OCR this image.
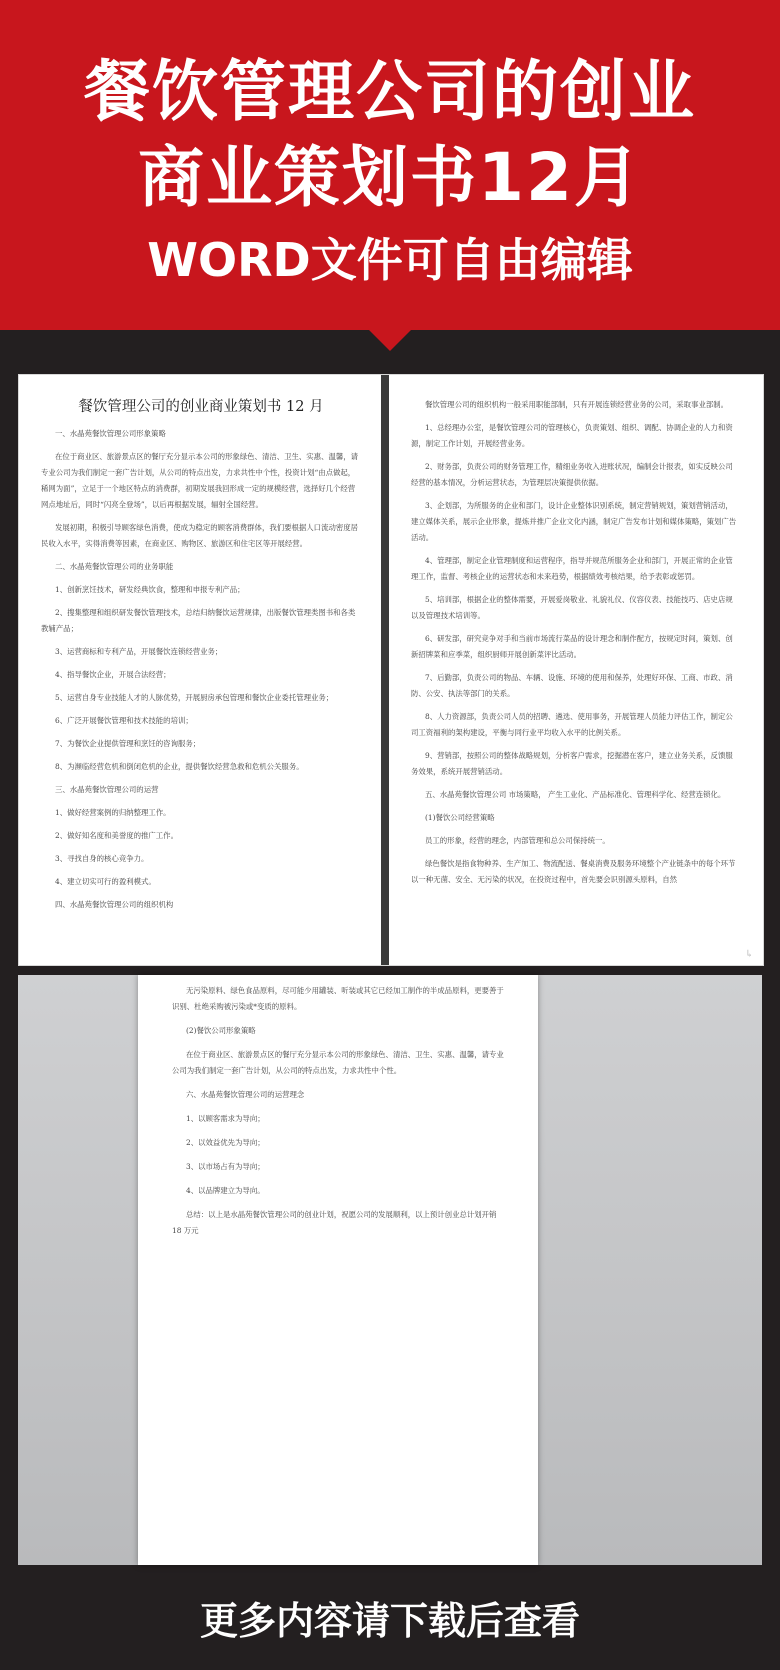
餐饮管理公司的创业
商业策划书12月
WORD文件可自由编辑
餐饮管理公司的创业商业策划书 12 月

一、水晶苑餐饮管理公司形象策略

在位于商业区、旅游景点区的餐厅充分显示本公司的形象绿色、清洁、卫生、实惠、温馨，请专业公司为我们制定一套广告计划，从公司的特点出发，力求共性中个性，投资计划“由点做起，稀网为面”，立足于一个地区特点的消费群，初期发展我回形成一定的规模经营，选择好几个经营网点地址后，同时“闪亮全登场”，以后再根据发展，辐射全国经营。

发展初期，积极引导顾客绿色消费，使成为稳定的顾客消费群体，我们要根据人口流动密度居民收入水平，实得消费等因素，在商业区、购物区、旅游区和住宅区等开展经营。

二、水晶苑餐饮管理公司的业务职能

1、创新烹饪技术，研发经典饮食，整理和申报专利产品；

2、搜集整理和组织研发餐饮管理技术，总结归纳餐饮运营规律，出版餐饮管理类图书和各类教辅产品；

3、运营商标和专利产品，开展餐饮连锁经营业务；

4、指导餐饮企业，开展合法经营；

5、运营自身专业技能人才的人脉优势，开展厨房承包管理和餐饮企业委托管理业务；

6、广泛开展餐饮管理和技术技能的培训；

7、为餐饮企业提供管理和烹饪的咨询服务；

8、为濒临经营危机和倒闭危机的企业，提供餐饮经营急救和危机公关服务。

三、水晶苑餐饮管理公司的运营

1、做好经营案例的归纳整理工作。

2、做好知名度和美誉度的推广工作。

3、寻找自身的核心竞争力。

4、建立切实可行的盈利模式。

四、水晶苑餐饮管理公司的组织机构

餐饮管理公司的组织机构一般采用职能部制，只有开展连锁经营业务的公司，采取事业部制。

1、总经理办公室，是餐饮管理公司的管理核心，负责策划、组织、调配、协调企业的人力和资源，制定工作计划，开展经营业务。

2、财务部，负责公司的财务管理工作，精细业务收入进账状况，编制会计报表，如实反映公司经营的基本情况，分析运营状态，为管理层决策提供依据。

3、企划部，为所服务的企业和部门，设计企业整体识别系统，制定营销规划，策划营销活动，建立媒体关系，展示企业形象，提炼并推广企业文化内涵，制定广告发布计划和媒体策略，策划广告活动。

4、管理部，制定企业管理制度和运营程序，指导并规范所服务企业和部门，开展正常的企业管理工作，监督、考核企业的运营状态和未来趋势，根据绩效考核结果，给予表彰或惩罚。

5、培训部，根据企业的整体需要，开展爱岗敬业、礼貌礼仪、仪容仪表、技能技巧、店史店规以及管理技术培训等。

6、研发部，研究竞争对手和当前市场流行菜品的设计理念和制作配方，按规定时间，策划、创新招牌菜和应季菜，组织厨师开展创新菜评比活动。

7、后勤部，负责公司的物品、车辆、设施、环境的使用和保养，处理好环保、工商、市政、消防、公安、执法等部门的关系。

8、人力资源部，负责公司人员的招聘、遴选、使用事务，开展管理人员能力评估工作，制定公司工资福利的架构建设，平衡与同行业平均收入水平的比例关系。

9、营销部，按照公司的整体战略规划，分析客户需求，挖掘潜在客户，建立业务关系，反馈服务效果，系统开展营销活动。

五、水晶苑餐饮管理公司 市场策略， 产生工业化、产品标准化、管理科学化、经营连锁化。

(1)餐饮公司经营策略

员工的形象，经营的理念，内部管理和总公司保持统一。

绿色餐饮是指食物种养、生产加工、物流配送、餐桌消费及服务环境整个产业链条中的每个环节以一种无菌、安全、无污染的状况，在投资过程中，首先要会识别源头原料，自然

↳

无污染原料、绿色食品原料，尽可能少用罐装、听装或其它已经加工制作的半成品原料，更要善于识别、杜绝采购被污染或*变质的原料。

(2)餐饮公司形象策略

在位于商业区、旅游景点区的餐厅充分显示本公司的形象绿色、清洁、卫生、实惠、温馨，请专业公司为我们制定一套广告计划，从公司的特点出发，力求共性中个性。

六、水晶苑餐饮管理公司的运营理念

1、以顾客需求为导向；

2、以效益优先为导向；

3、以市场占有为导向；

4、以品牌建立为导向。

总结：以上是水晶苑餐饮管理公司的创业计划，祝愿公司的发展顺利，以上预计创业总计划开销 18 万元

更多内容请下载后查看
